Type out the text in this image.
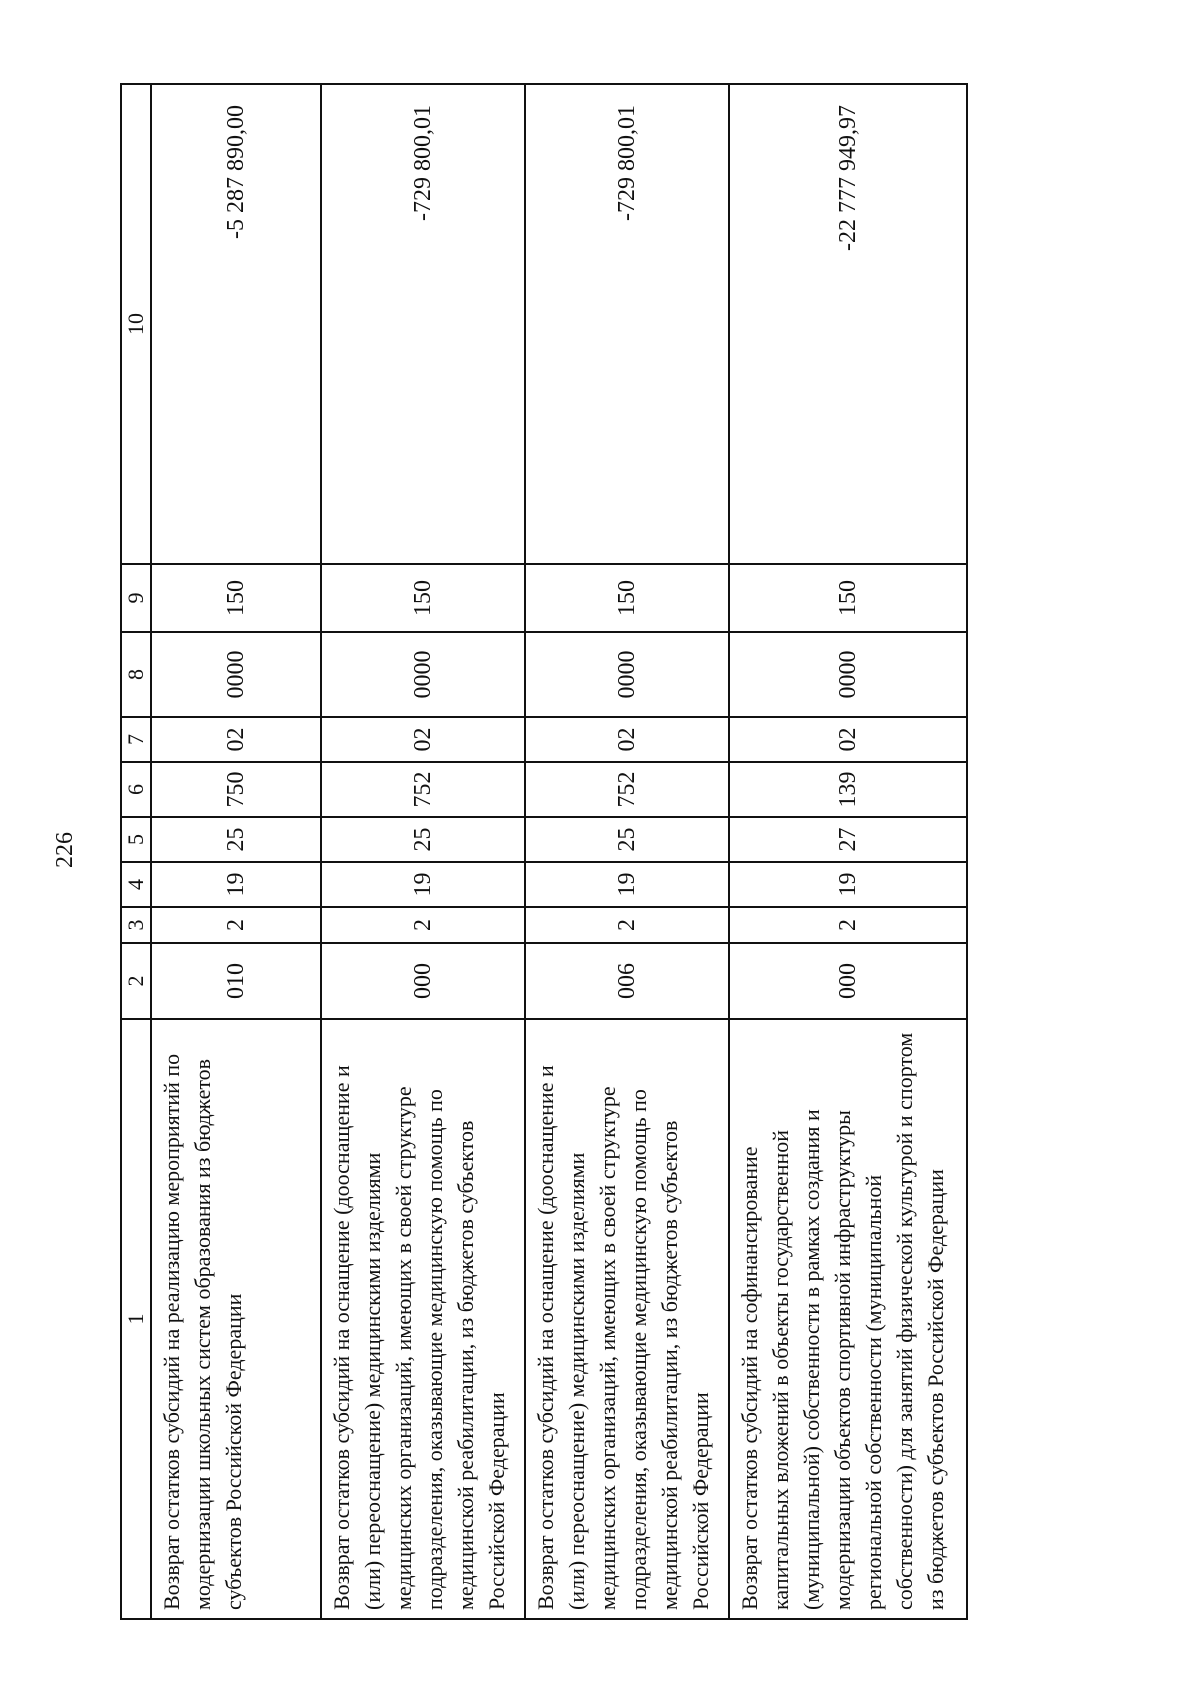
226
1	2	3	4	5	6	7	8	9	10
Возврат остатков субсидий на реализацию мероприятий по модернизации школьных систем образования из бюджетов субъектов Российской Федерации	010	2	19	25	750	02	0000	150	-5 287 890,00
Возврат остатков субсидий на оснащение (дооснащение и (или) переоснащение) медицинскими изделиями медицинских организаций, имеющих в своей структуре подразделения, оказывающие медицинскую помощь по медицинской реабилитации, из бюджетов субъектов Российской Федерации	000	2	19	25	752	02	0000	150	-729 800,01
Возврат остатков субсидий на оснащение (дооснащение и (или) переоснащение) медицинскими изделиями медицинских организаций, имеющих в своей структуре подразделения, оказывающие медицинскую помощь по медицинской реабилитации, из бюджетов субъектов Российской Федерации	006	2	19	25	752	02	0000	150	-729 800,01
Возврат остатков субсидий на софинансирование капитальных вложений в объекты государственной (муниципальной) собственности в рамках создания и модернизации объектов спортивной инфраструктуры региональной собственности (муниципальной собственности) для занятий физической культурой и спортом из бюджетов субъектов Российской Федерации	000	2	19	27	139	02	0000	150	-22 777 949,97
